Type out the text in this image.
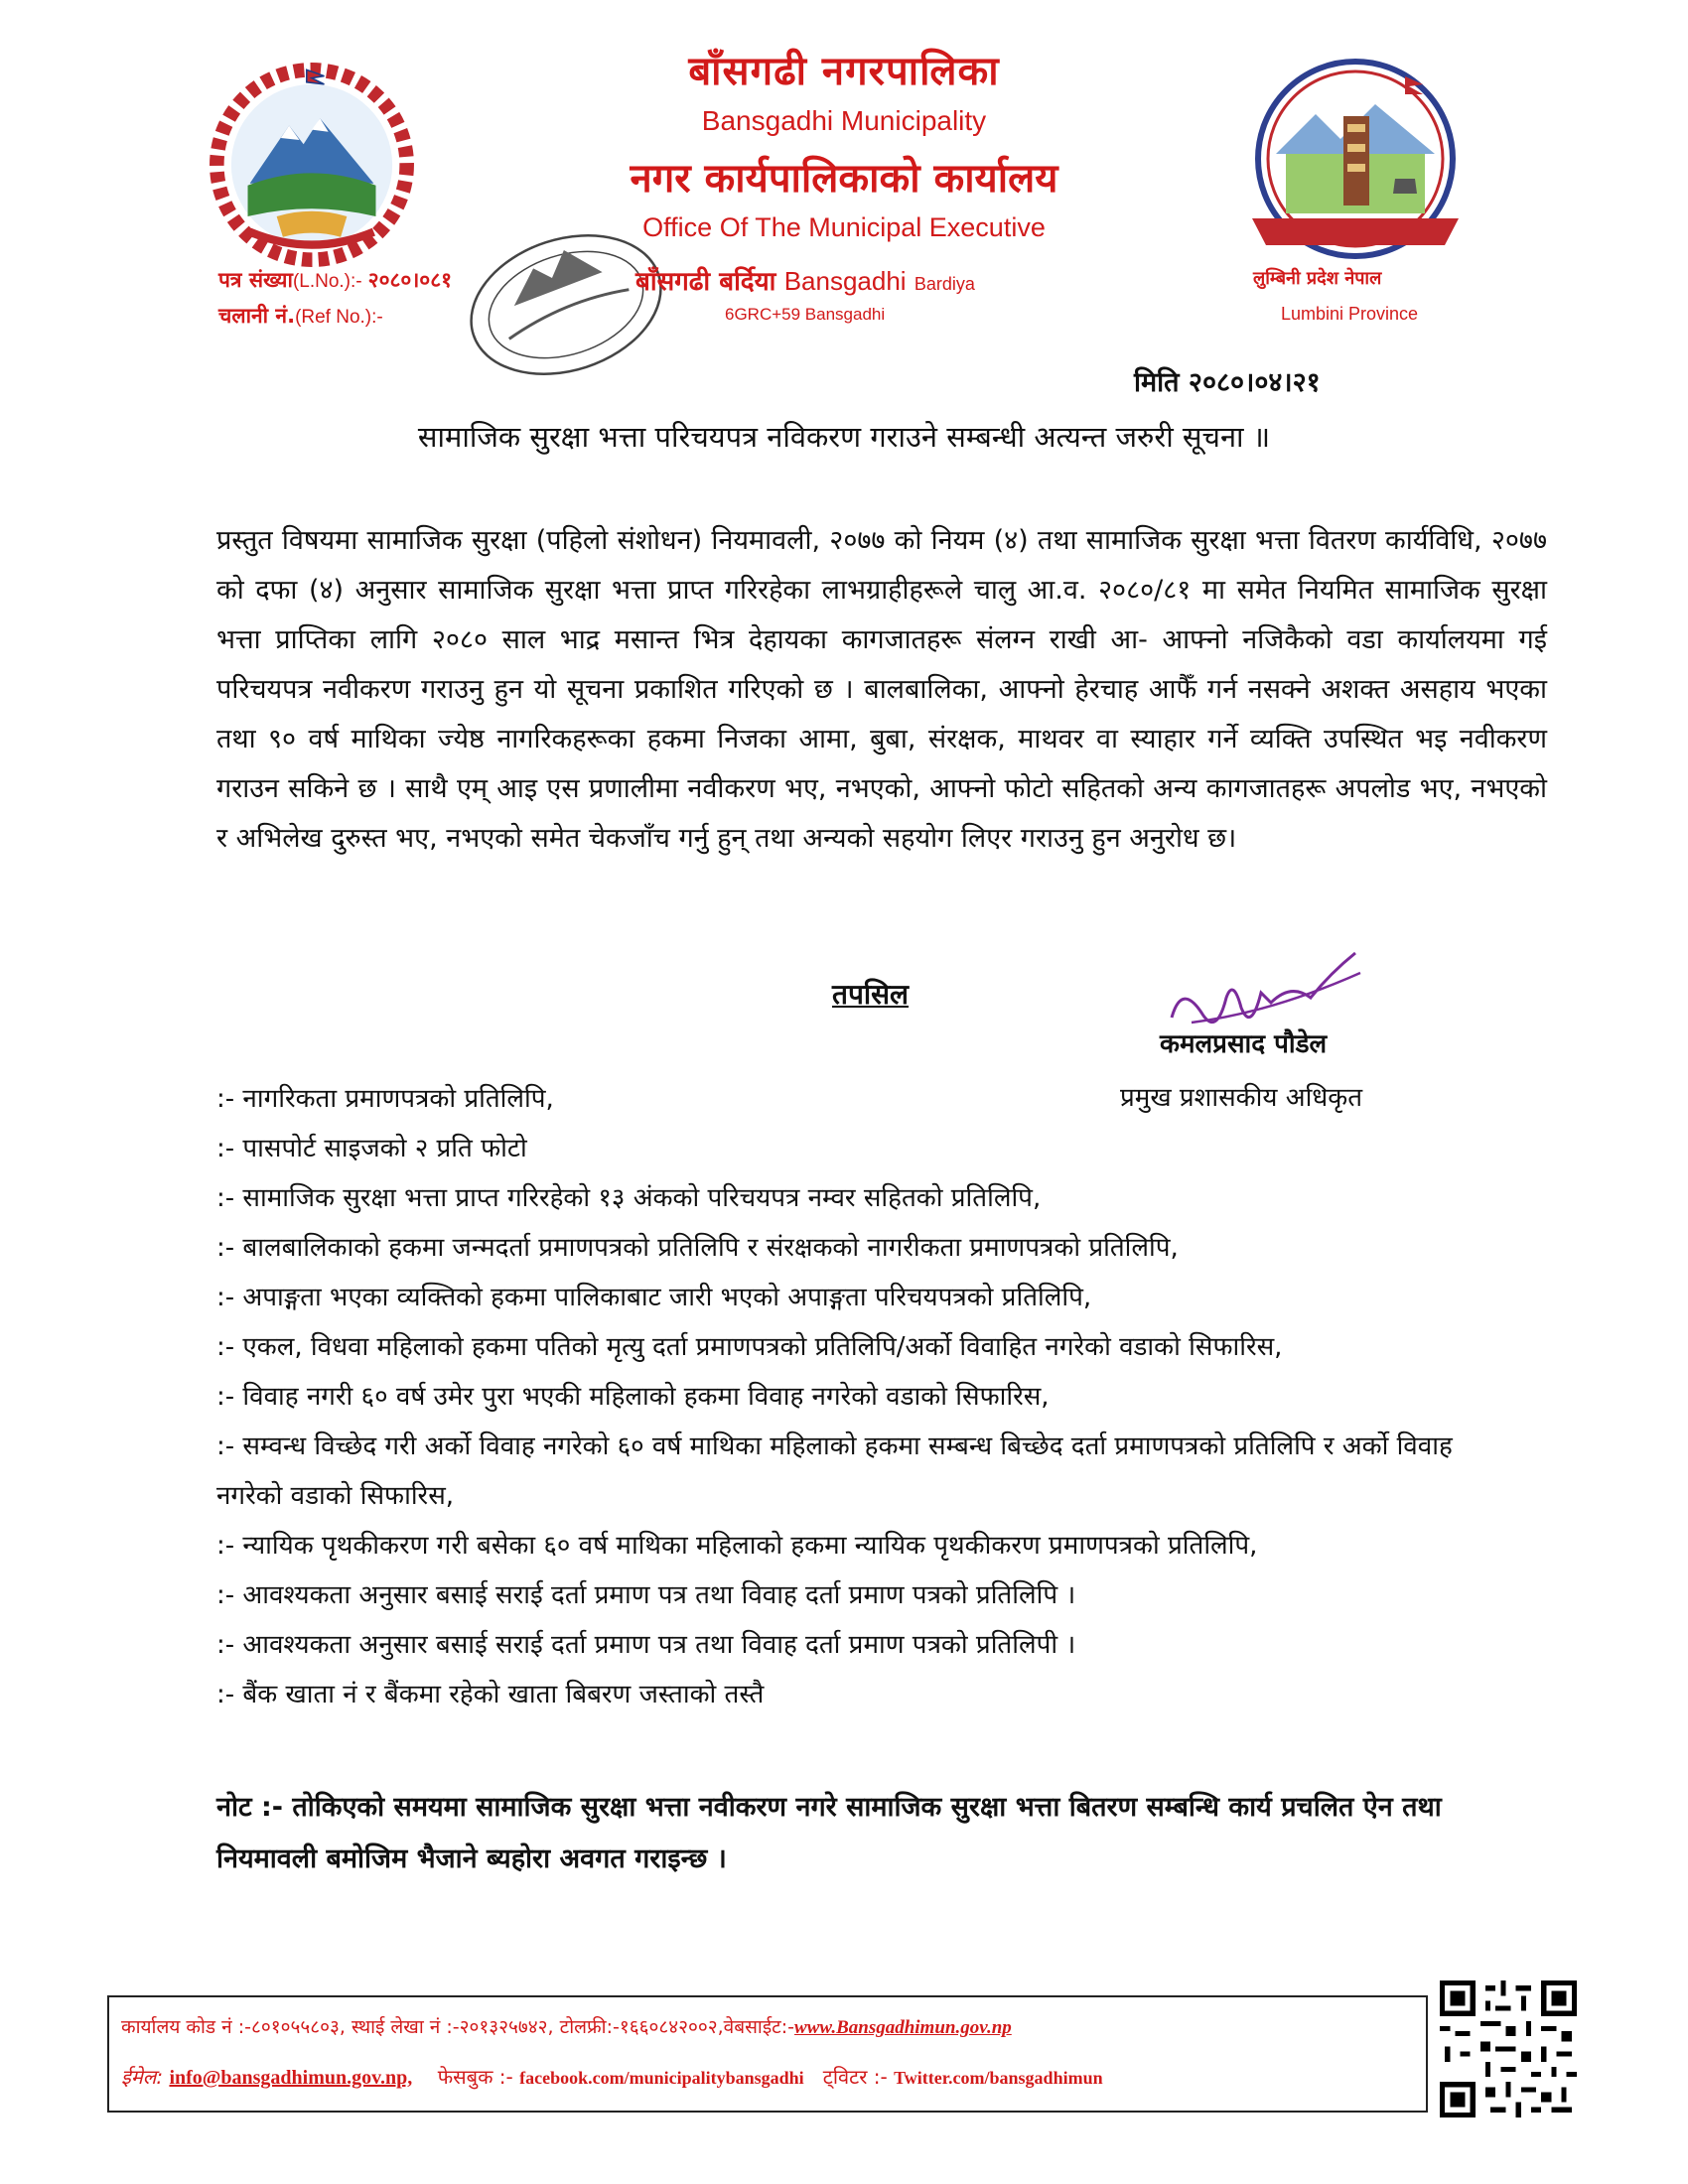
बाँसगढी नगरपालिका
Bansgadhi Municipality
नगर कार्यपालिकाको कार्यालय
Office Of The Municipal Executive
बाँसगढी बर्दिया Bansgadhi Bardiya
6GRC+59 Bansgadhi
पत्र संख्या(L.No.):- २०८०।०८१
चलानी नं.(Ref No.):-
लुम्बिनी प्रदेश नेपाल
Lumbini Province
मिति २०८०।०४।२१
सामाजिक सुरक्षा भत्ता परिचयपत्र नविकरण गराउने सम्बन्धी अत्यन्त जरुरी सूचना ॥
प्रस्तुत विषयमा सामाजिक सुरक्षा (पहिलो संशोधन) नियमावली, २०७७ को नियम (४) तथा सामाजिक सुरक्षा भत्ता वितरण कार्यविधि, २०७७ को दफा (४) अनुसार सामाजिक सुरक्षा भत्ता प्राप्त गरिरहेका लाभग्राहीहरूले चालु आ.व. २०८०/८१ मा समेत नियमित सामाजिक सुरक्षा भत्ता प्राप्तिका लागि २०८० साल भाद्र मसान्त भित्र देहायका कागजातहरू संलग्न राखी आ- आफ्नो नजिकैको वडा कार्यालयमा गई परिचयपत्र नवीकरण गराउनु हुन यो सूचना प्रकाशित गरिएको छ । बालबालिका, आफ्नो हेरचाह आफैँ गर्न नसक्ने अशक्त असहाय भएका तथा ९० वर्ष माथिका ज्येष्ठ नागरिकहरूका हकमा निजका आमा, बुबा, संरक्षक, माथवर वा स्याहार गर्ने व्यक्ति उपस्थित भइ नवीकरण गराउन सकिने छ । साथै एम् आइ एस प्रणालीमा नवीकरण भए, नभएको, आफ्नो फोटो सहितको अन्य कागजातहरू अपलोड भए, नभएको र अभिलेख दुरुस्त भए, नभएको समेत चेकजाँच गर्नु हुन् तथा अन्यको सहयोग लिएर गराउनु हुन अनुरोध छ।
तपसिल
कमलप्रसाद पौडेल
प्रमुख प्रशासकीय अधिकृत
:- नागरिकता प्रमाणपत्रको प्रतिलिपि,
:- पासपोर्ट साइजको २ प्रति फोटो
:- सामाजिक सुरक्षा भत्ता प्राप्त गरिरहेको १३ अंकको परिचयपत्र नम्वर सहितको प्रतिलिपि,
:- बालबालिकाको हकमा जन्मदर्ता प्रमाणपत्रको प्रतिलिपि र संरक्षकको नागरीकता प्रमाणपत्रको प्रतिलिपि,
:- अपाङ्गता भएका व्यक्तिको हकमा पालिकाबाट जारी भएको अपाङ्गता परिचयपत्रको प्रतिलिपि,
:- एकल, विधवा महिलाको हकमा पतिको मृत्यु दर्ता प्रमाणपत्रको प्रतिलिपि/अर्को विवाहित नगरेको वडाको सिफारिस,
:- विवाह नगरी ६० वर्ष उमेर पुरा भएकी महिलाको हकमा विवाह नगरेको वडाको सिफारिस,
:- सम्वन्ध विच्छेद गरी अर्को विवाह नगरेको ६० वर्ष माथिका महिलाको हकमा सम्बन्ध बिच्छेद दर्ता प्रमाणपत्रको प्रतिलिपि र अर्को विवाह नगरेको वडाको सिफारिस,
:- न्यायिक पृथकीकरण गरी बसेका ६० वर्ष माथिका महिलाको हकमा न्यायिक पृथकीकरण प्रमाणपत्रको प्रतिलिपि,
:- आवश्यकता अनुसार बसाई सराई दर्ता प्रमाण पत्र तथा विवाह दर्ता प्रमाण पत्रको प्रतिलिपि ।
:- आवश्यकता अनुसार बसाई सराई दर्ता प्रमाण पत्र तथा विवाह दर्ता प्रमाण पत्रको प्रतिलिपी ।
:- बैंक खाता नं र बैंकमा रहेको खाता बिबरण जस्ताको तस्तै
नोट :- तोकिएको समयमा सामाजिक सुरक्षा भत्ता नवीकरण नगरे सामाजिक सुरक्षा भत्ता बितरण सम्बन्धि कार्य प्रचलित ऐन तथा नियमावली बमोजिम भैजाने ब्यहोरा अवगत गराइन्छ ।
कार्यालय कोड नं :-८०१०५५८०३, स्थाई लेखा नं :-२०१३२५७४२, टोलफ्री:-१६६०८४२००२,वेबसाईट:-www.Bansgadhimun.gov.np
ईमेल: info@bansgadhimun.gov.np, फेसबुक :- facebook.com/municipalitybansgadhi ट्विटर :- Twitter.com/bansgadhimun
